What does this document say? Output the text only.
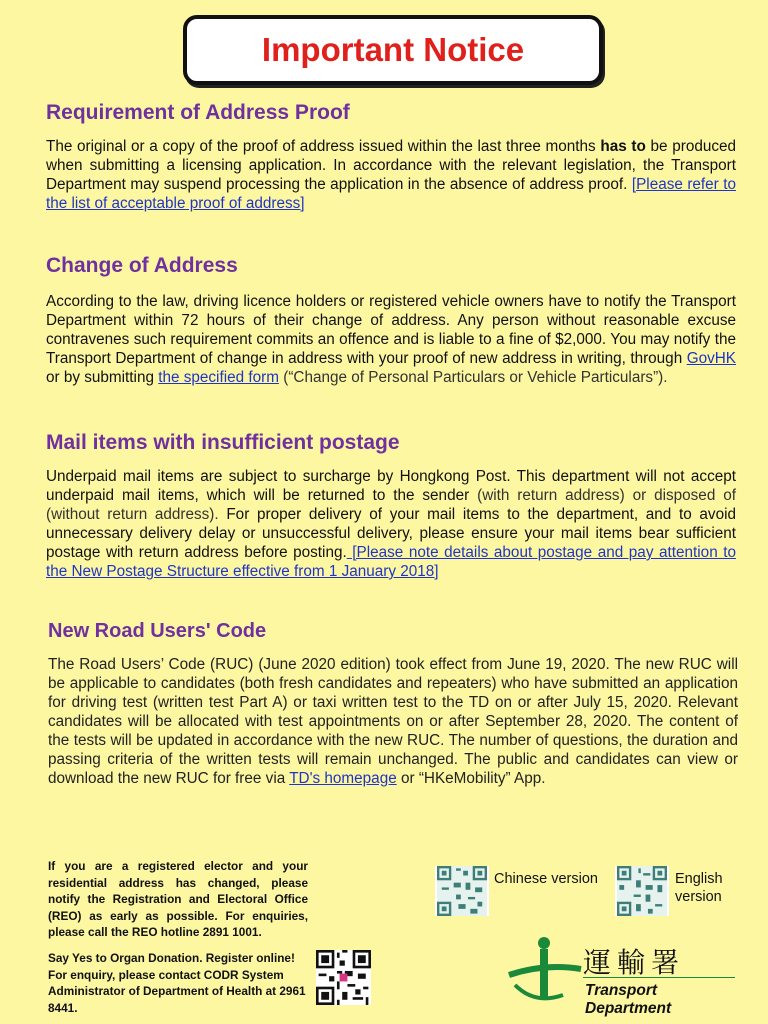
Important Notice
Requirement of Address Proof

The original or a copy of the proof of address issued within the last three months has to be produced when submitting a licensing application. In accordance with the relevant legislation, the Transport Department may suspend processing the application in the absence of address proof. [Please refer to the list of acceptable proof of address]

Change of Address

According to the law, driving licence holders or registered vehicle owners have to notify the Transport Department within 72 hours of their change of address. Any person without reasonable excuse contravenes such requirement commits an offence and is liable to a fine of $2,000. You may notify the Transport Department of change in address with your proof of new address in writing, through GovHK or by submitting the specified form (“Change of Personal Particulars or Vehicle Particulars”).

Mail items with insufficient postage

Underpaid mail items are subject to surcharge by Hongkong Post. This department will not accept underpaid mail items, which will be returned to the sender (with return address) or disposed of (without return address). For proper delivery of your mail items to the department, and to avoid unnecessary delivery delay or unsuccessful delivery, please ensure your mail items bear sufficient postage with return address before posting. [Please note details about postage and pay attention to the New Postage Structure effective from 1 January 2018]

New Road Users' Code

The Road Users’ Code (RUC) (June 2020 edition) took effect from June 19, 2020. The new RUC will be applicable to candidates (both fresh candidates and repeaters) who have submitted an application for driving test (written test Part A) or taxi written test to the TD on or after July 15, 2020. Relevant candidates will be allocated with test appointments on or after September 28, 2020. The content of the tests will be updated in accordance with the new RUC. The number of questions, the duration and passing criteria of the written tests will remain unchanged. The public and candidates can view or download the new RUC for free via TD's homepage or “HKeMobility” App.

If you are a registered elector and your residential address has changed, please notify the Registration and Electoral Office (REO) as early as possible. For enquiries, please call the REO hotline 2891 1001.
Say Yes to Organ Donation. Register online! For enquiry, please contact CODR System Administrator of Department of Health at 2961 8441.
Chinese version	English version
運輸署
Transport Department
